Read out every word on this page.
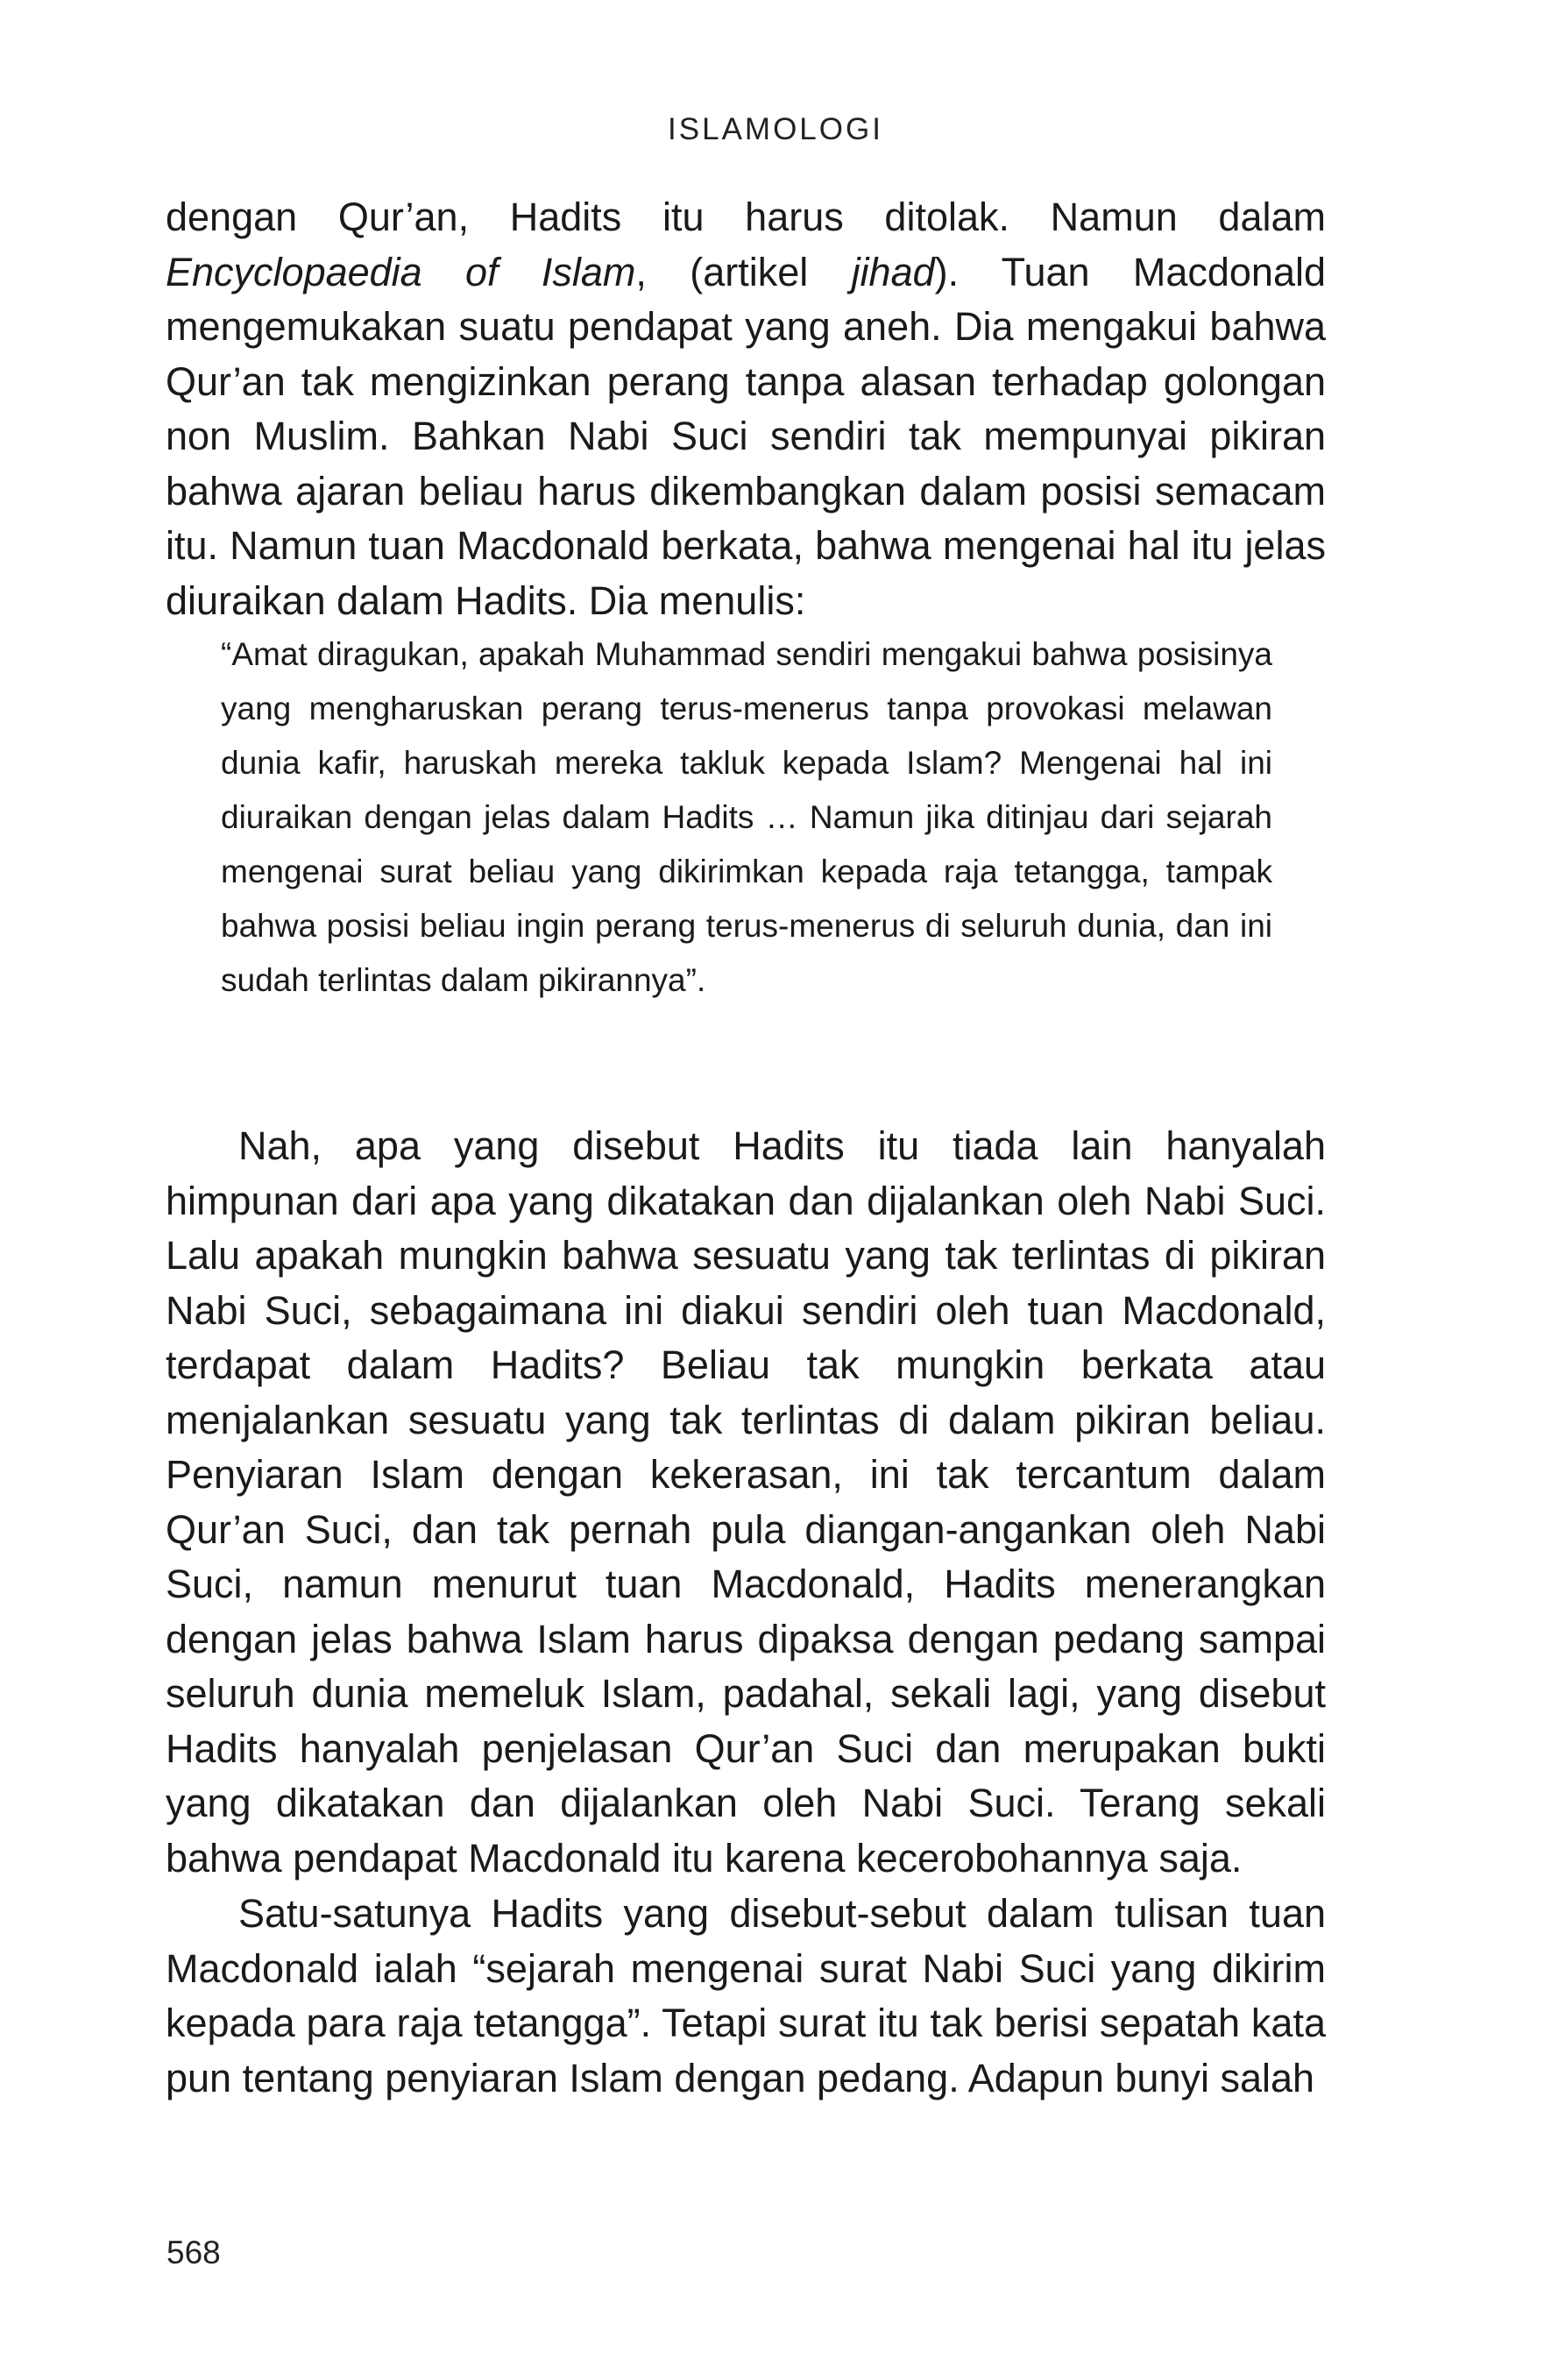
ISLAMOLOGI

dengan Qur’an, Hadits itu harus ditolak. Namun dalam Encyclopaedia of Islam, (artikel jihad). Tuan Macdonald mengemukakan suatu pendapat yang aneh. Dia mengakui bahwa Qur’an tak mengizinkan perang tanpa alasan terhadap golongan non Muslim. Bahkan Nabi Suci sendiri tak mempunyai pikiran bahwa ajaran beliau harus dikembangkan dalam posisi semacam itu. Namun tuan Macdonald berkata, bahwa mengenai hal itu jelas diuraikan dalam Hadits. Dia menulis:

“Amat diragukan, apakah Muhammad sendiri mengakui bahwa posisinya yang mengharuskan perang terus-menerus tanpa provokasi melawan dunia kafir, haruskah mereka takluk kepada Islam? Mengenai hal ini diuraikan dengan jelas dalam Hadits … Namun jika ditinjau dari sejarah mengenai surat beliau yang dikirimkan kepada raja tetangga, tampak bahwa posisi beliau ingin perang terus-menerus di seluruh dunia, dan ini sudah terlintas dalam pikirannya”.

Nah, apa yang disebut Hadits itu tiada lain hanyalah himpunan dari apa yang dikatakan dan dijalankan oleh Nabi Suci. Lalu apakah mungkin bahwa sesuatu yang tak terlintas di pikiran Nabi Suci, sebagaimana ini diakui sendiri oleh tuan Macdonald, terdapat dalam Hadits? Beliau tak mungkin berkata atau menjalankan sesuatu yang tak terlintas di dalam pikiran beliau. Penyiaran Islam dengan kekerasan, ini tak tercantum dalam Qur’an Suci, dan tak pernah pula diangan-angankan oleh Nabi Suci, namun menurut tuan Macdonald, Hadits menerangkan dengan jelas bahwa Islam harus dipaksa dengan pedang sampai seluruh dunia memeluk Islam, padahal, sekali lagi, yang disebut Hadits hanyalah penjelasan Qur’an Suci dan merupakan bukti yang dikatakan dan dijalankan oleh Nabi Suci. Terang sekali bahwa pendapat Macdonald itu karena kecerobohannya saja.

Satu-satunya Hadits yang disebut-sebut dalam tulisan tuan Macdonald ialah “sejarah mengenai surat Nabi Suci yang dikirim kepada para raja tetangga”. Tetapi surat itu tak berisi sepatah kata pun tentang penyiaran Islam dengan pedang. Adapun bunyi salah

568
